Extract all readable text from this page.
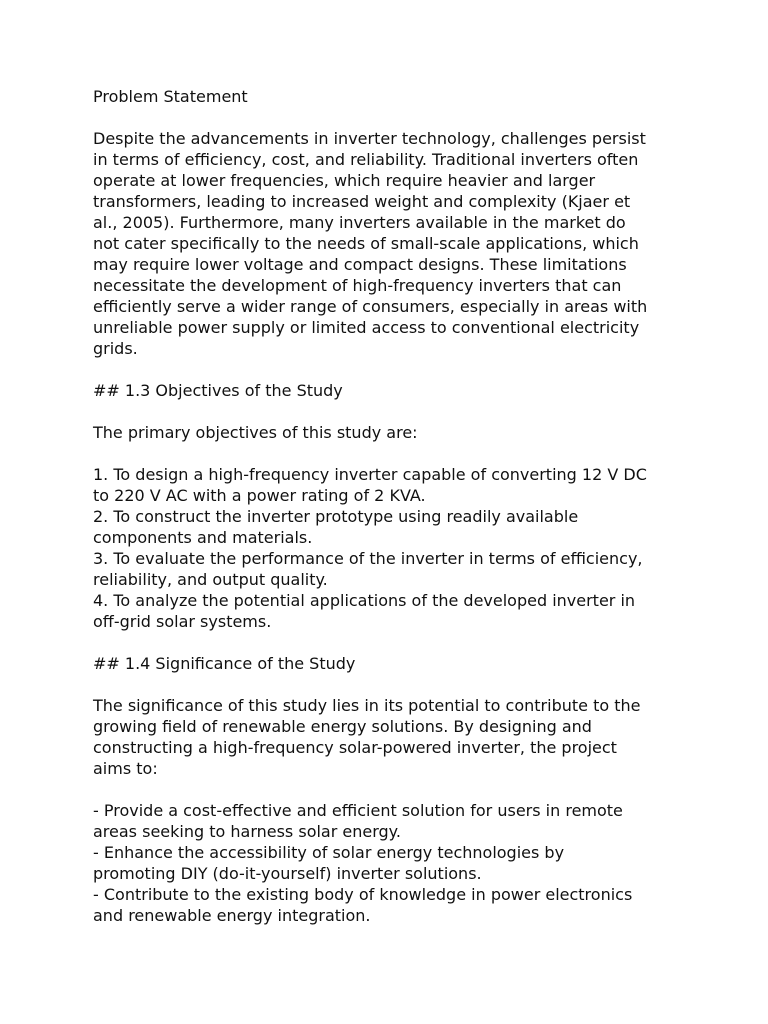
Problem Statement

Despite the advancements in inverter technology, challenges persist
in terms of efficiency, cost, and reliability. Traditional inverters often
operate at lower frequencies, which require heavier and larger
transformers, leading to increased weight and complexity (Kjaer et
al., 2005). Furthermore, many inverters available in the market do
not cater specifically to the needs of small-scale applications, which
may require lower voltage and compact designs. These limitations
necessitate the development of high-frequency inverters that can
efficiently serve a wider range of consumers, especially in areas with
unreliable power supply or limited access to conventional electricity
grids.

## 1.3 Objectives of the Study

The primary objectives of this study are:

1. To design a high-frequency inverter capable of converting 12 V DC
to 220 V AC with a power rating of 2 KVA.
2. To construct the inverter prototype using readily available
components and materials.
3. To evaluate the performance of the inverter in terms of efficiency,
reliability, and output quality.
4. To analyze the potential applications of the developed inverter in
off-grid solar systems.

## 1.4 Significance of the Study

The significance of this study lies in its potential to contribute to the
growing field of renewable energy solutions. By designing and
constructing a high-frequency solar-powered inverter, the project
aims to:

- Provide a cost-effective and efficient solution for users in remote
areas seeking to harness solar energy.
- Enhance the accessibility of solar energy technologies by
promoting DIY (do-it-yourself) inverter solutions.
- Contribute to the existing body of knowledge in power electronics
and renewable energy integration.
